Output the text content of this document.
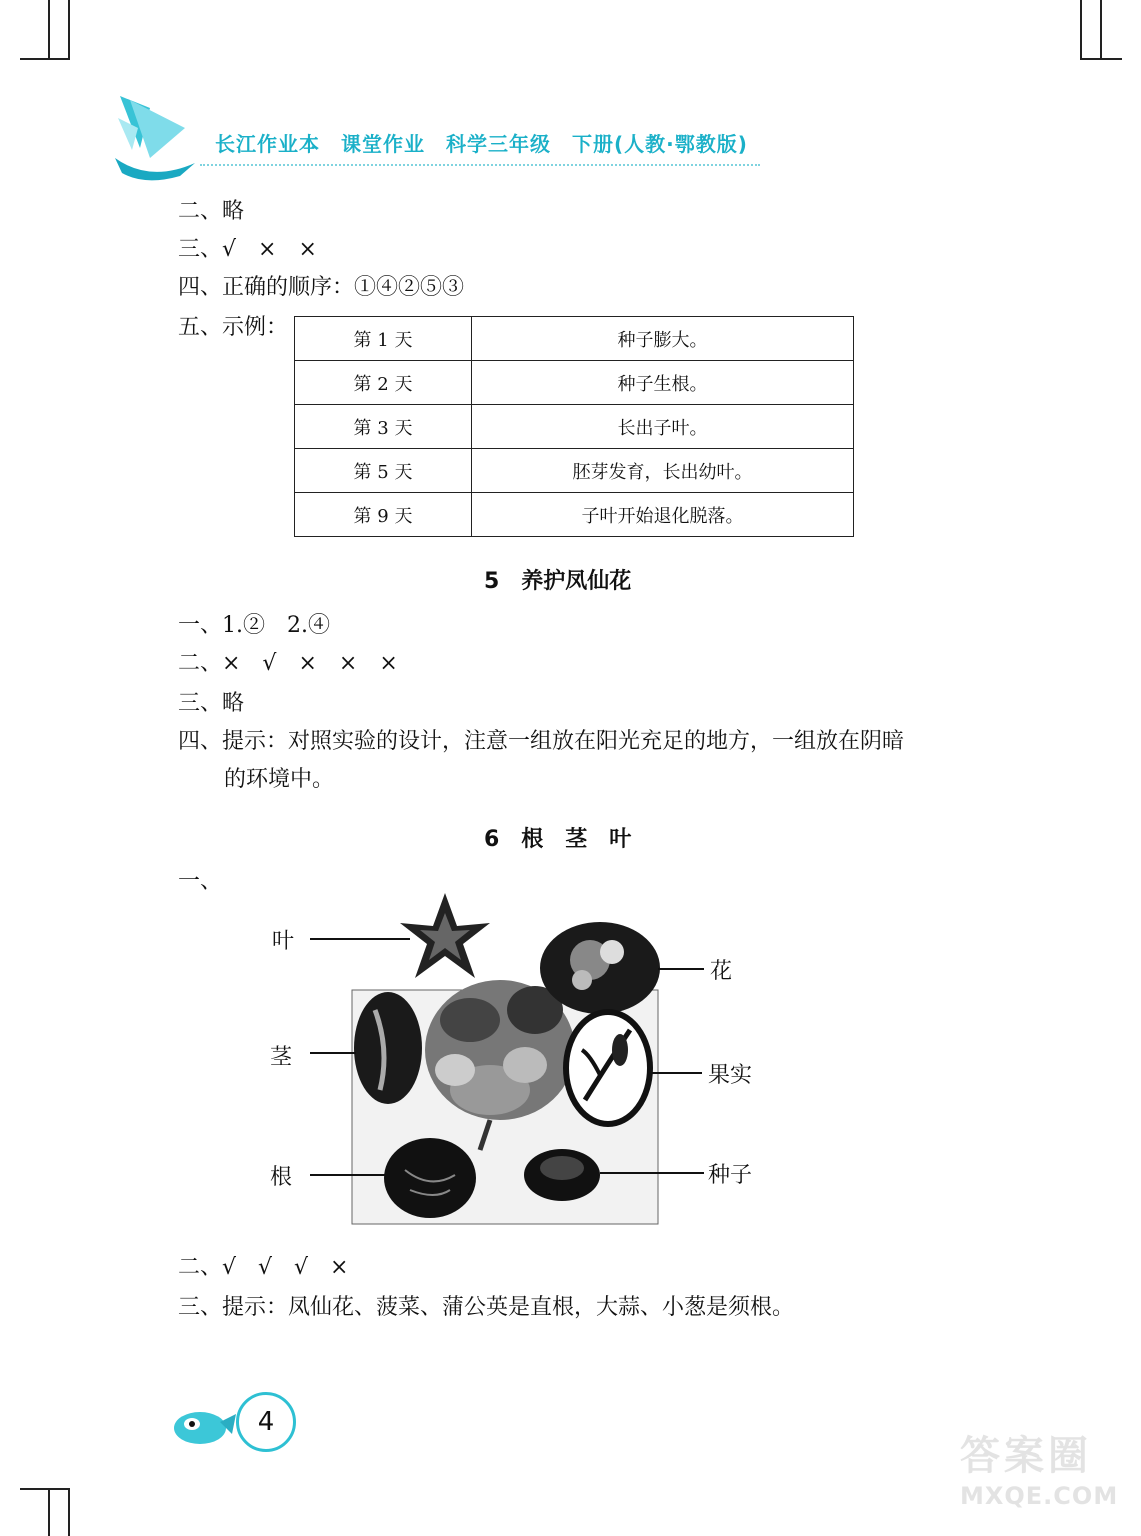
长江作业本　课堂作业　科学三年级　下册(人教·鄂教版)
二、略
三、√　×　×
四、正确的顺序：①④②⑤③
五、示例：	第 1 天	种子膨大。
第 2 天	种子生根。
第 3 天	长出子叶。
第 5 天	胚芽发育，长出幼叶。
第 9 天	子叶开始退化脱落。
5　养护凤仙花
一、1.②　2.④
二、×　√　×　×　×
三、略
四、提示：对照实验的设计，注意一组放在阳光充足的地方，一组放在阴暗
的环境中。
6　根　茎　叶
一、
叶
花
茎
果实
根	种子
二、√　√　√　×
三、提示：凤仙花、菠菜、蒲公英是直根，大蒜、小葱是须根。
4
答案圈
MXQE.COM
